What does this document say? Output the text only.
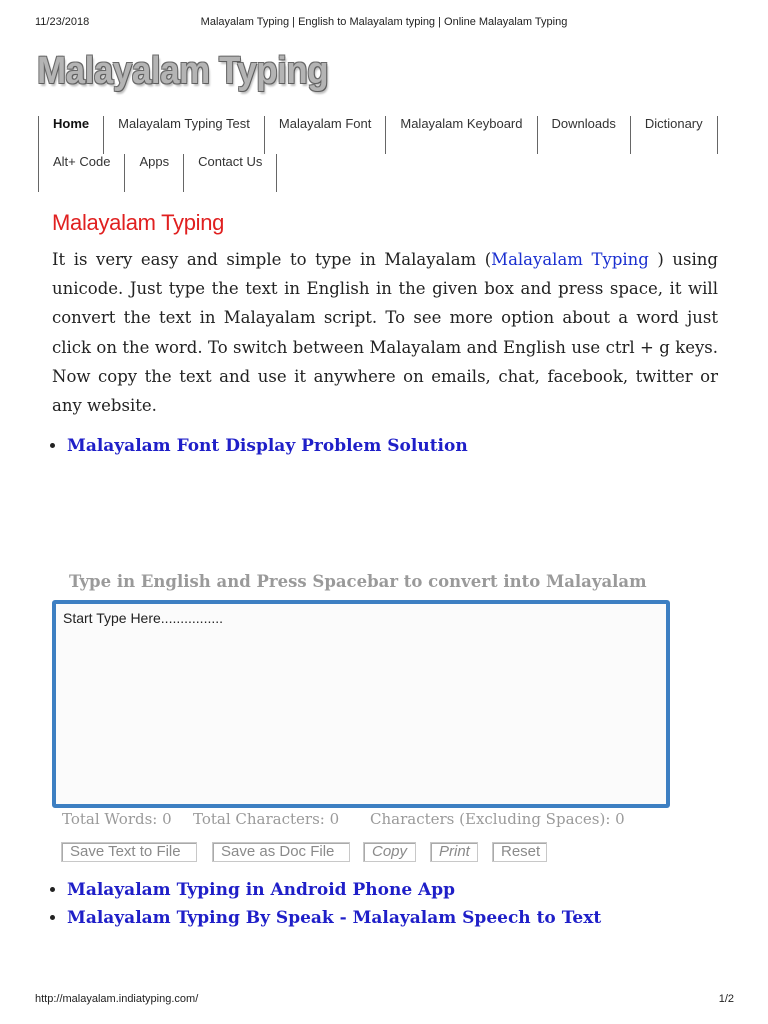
11/23/2018	Malayalam Typing | English to Malayalam typing | Online Malayalam Typing
Malayalam Typing
Home	Malayalam Typing Test	Malayalam Font	Malayalam Keyboard	Downloads	Dictionary
Alt+ Code	Apps	Contact Us
Malayalam Typing

It is very easy and simple to type in Malayalam (Malayalam Typing ) using unicode. Just type the text in English in the given box and press space, it will convert the text in Malayalam script. To see more option about a word just click on the word. To switch between Malayalam and English use ctrl + g keys. Now copy the text and use it anywhere on emails, chat, facebook, twitter or any website.

• Malayalam Font Display Problem Solution
Type in English and Press Spacebar to convert into Malayalam
Start Type Here................
Total Words: 0 Total Characters: 0 Characters (Excluding Spaces): 0
Save Text to File	Save as Doc File	Copy	Print	Reset
• Malayalam Typing in Android Phone App
• Malayalam Typing By Speak - Malayalam Speech to Text
http://malayalam.indiatyping.com/	1/2
